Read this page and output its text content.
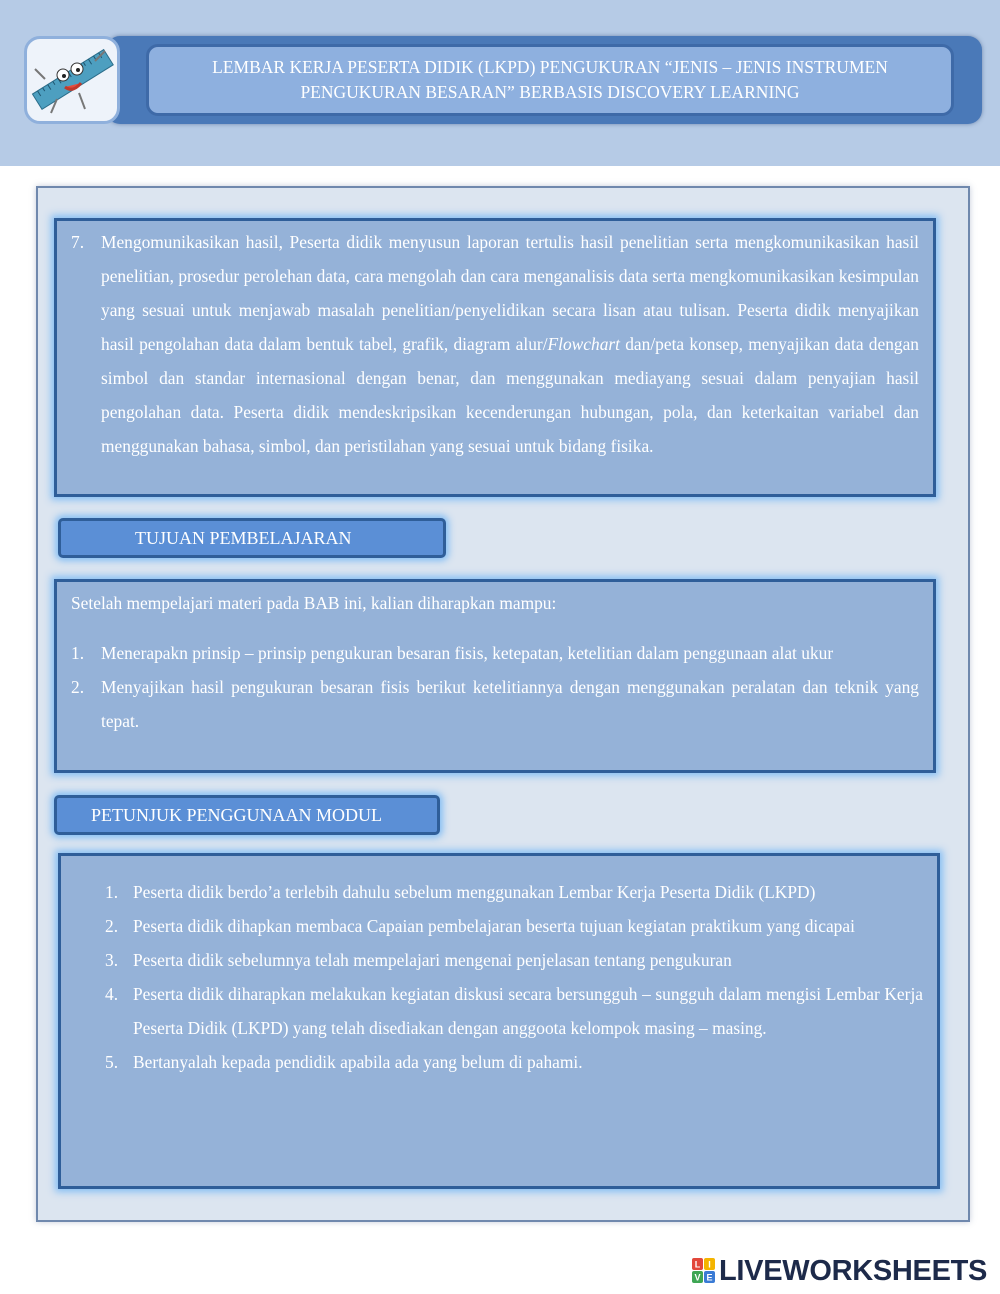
LEMBAR KERJA PESERTA DIDIK (LKPD) PENGUKURAN “JENIS – JENIS INSTRUMEN
PENGUKURAN BESARAN” BERBASIS DISCOVERY LEARNING
7. Mengomunikasikan hasil, Peserta didik menyusun laporan tertulis hasil penelitian serta mengkomunikasikan hasil penelitian, prosedur perolehan data, cara mengolah dan cara menganalisis data serta mengkomunikasikan kesimpulan yang sesuai untuk menjawab masalah penelitian/penyelidikan secara lisan atau tulisan. Peserta didik menyajikan hasil pengolahan data dalam bentuk tabel, grafik, diagram alur/Flowchart dan/peta konsep, menyajikan data dengan simbol dan standar internasional dengan benar, dan menggunakan mediayang sesuai dalam penyajian hasil pengolahan data. Peserta didik mendeskripsikan kecenderungan hubungan, pola, dan keterkaitan variabel dan menggunakan bahasa, simbol, dan peristilahan yang sesuai untuk bidang fisika.

TUJUAN PEMBELAJARAN
Setelah mempelajari materi pada BAB ini, kalian diharapkan mampu:
1. Menerapakn prinsip – prinsip pengukuran besaran fisis, ketepatan, ketelitian dalam penggunaan alat ukur
2. Menyajikan hasil pengukuran besaran fisis berikut ketelitiannya dengan menggunakan peralatan dan teknik yang tepat.
PETUNJUK PENGGUNAAN MODUL
1. Peserta didik berdo’a terlebih dahulu sebelum menggunakan Lembar Kerja Peserta Didik (LKPD)
2. Peserta didik dihapkan membaca Capaian pembelajaran beserta tujuan kegiatan praktikum yang dicapai
3. Peserta didik sebelumnya telah mempelajari mengenai penjelasan tentang pengukuran
4. Peserta didik diharapkan melakukan kegiatan diskusi secara bersungguh – sungguh dalam mengisi Lembar Kerja Peserta Didik (LKPD) yang telah disediakan dengan anggoota kelompok masing – masing.
5. Bertanyalah kepada pendidik apabila ada yang belum di pahami.
L I
V E LIVEWORKSHEETS
